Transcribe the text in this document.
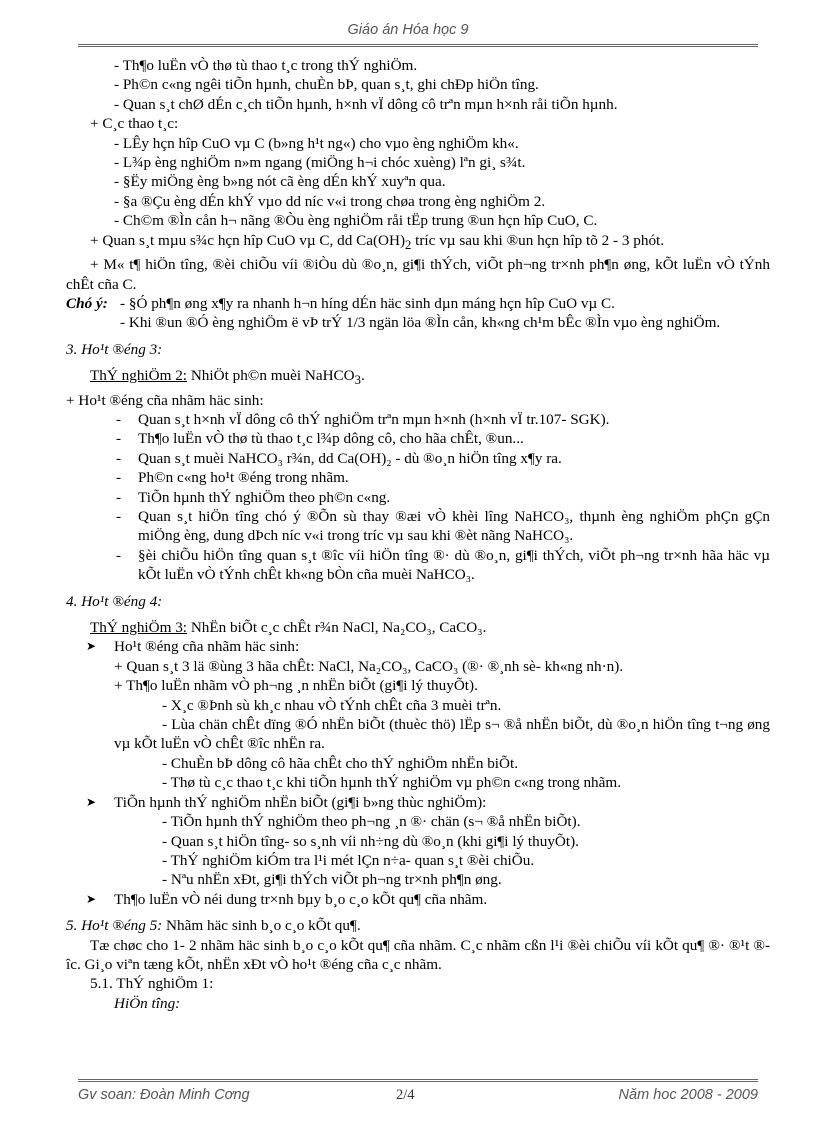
Giáo án Hóa học 9
- Th¶o luËn vÒ thø tù thao t¸c trong thÝ nghiÖm.
- Ph©n c«ng ngêi tiÕn hµnh, chuÈn bÞ, quan s¸t, ghi chÐp hiÖn tîng.
- Quan s¸t chØ dÉn c¸ch tiÕn hµnh, h×nh vÏ dông cô trªn mµn h×nh råi tiÕn hµnh.
+ C¸c thao t¸c:
- LÊy hçn hîp CuO vµ C (b»ng h¹t ng«) cho vµo èng nghiÖm kh«.
- L¾p èng nghiÖm n»m ngang (miÖng h¬i chóc xuèng) lªn gi¸ s¾t.
- §Ëy miÖng èng b»ng nót cã èng dÉn khÝ xuyªn qua.
- §a ®Çu èng dÉn khÝ vµo dd níc v«i trong chøa trong èng nghiÖm 2.
- Ch©m ®Ìn cån h¬ nãng ®Òu èng nghiÖm råi tËp trung ®un hçn hîp CuO, C.
+ Quan s¸t mµu s¾c hçn hîp CuO vµ C, dd $Ca(OH)_2$ tríc vµ sau khi ®un hçn hîp tõ 2 - 3 phót.
+ M« t¶ hiÖn tîng, ®èi chiÕu víi ®iÒu dù ®o¸n, gi¶i thÝch, viÕt ph¬ng tr×nh ph¶n øng, kÕt luËn vÒ tÝnh chÊt cña C.
Chó ý: - §Ó ph¶n øng x¶y ra nhanh h¬n híng dÉn häc sinh dµn máng hçn hîp CuO vµ C.
- Khi ®un ®Ó èng nghiÖm ë vÞ trÝ 1/3 ngän löa ®Ìn cån, kh«ng ch¹m bÊc ®Ìn vµo èng nghiÖm.
3. Ho¹t ®éng 3:
ThÝ nghiÖm 2: NhiÖt ph©n muèi NaHCO$_3$.
+ Ho¹t ®éng cña nhãm häc sinh:
-	Quan s¸t h×nh vÏ dông cô thÝ nghiÖm trªn mµn h×nh (h×nh vÏ tr.107- SGK).
-	Th¶o luËn vÒ thø tù thao t¸c l¾p dông cô, cho hãa chÊt, ®un...
-	Quan s¸t muèi NaHCO₃ r¾n, dd Ca(OH)₂ - dù ®o¸n hiÖn tîng x¶y ra.
-	Ph©n c«ng ho¹t ®éng trong nhãm.
-	TiÕn hµnh thÝ nghiÖm theo ph©n c«ng.
-	Quan s¸t hiÖn tîng chó ý ®Õn sù thay ®æi vÒ khèi lîng NaHCO₃, thµnh èng nghiÖm phÇn gÇn miÖng èng, dung dÞch níc v«i trong tríc vµ sau khi ®èt nãng NaHCO₃.
-	§èi chiÕu hiÖn tîng quan s¸t ®îc víi hiÖn tîng ®· dù ®o¸n, gi¶i thÝch, viÕt ph¬ng tr×nh hãa häc vµ kÕt luËn vÒ tÝnh chÊt kh«ng bÒn cña muèi NaHCO₃.
4. Ho¹t ®éng 4:
ThÝ nghiÖm 3: NhËn biÕt c¸c chÊt r¾n NaCl, Na₂CO₃, CaCO₃.
➤	Ho¹t ®éng cña nhãm häc sinh:
+ Quan s¸t 3 lä ®ùng 3 hãa chÊt: NaCl, Na₂CO₃, CaCO₃ (®· ®¸nh sè- kh«ng nh·n).
+ Th¶o luËn nhãm vÒ ph¬ng ¸n nhËn biÕt (gi¶i lý thuyÕt).
- X¸c ®Þnh sù kh¸c nhau vÒ tÝnh chÊt cña 3 muèi trªn.
- Lùa chän chÊt dïng ®Ó nhËn biÕt (thuèc thö) lËp s¬ ®å nhËn biÕt, dù ®o¸n hiÖn tîng t¬ng øng vµ kÕt luËn vÒ chÊt ®îc nhËn ra.
- ChuÈn bÞ dông cô hãa chÊt cho thÝ nghiÖm nhËn biÕt.
- Thø tù c¸c thao t¸c khi tiÕn hµnh thÝ nghiÖm vµ ph©n c«ng trong nhãm.
➤	TiÕn hµnh thÝ nghiÖm nhËn biÕt (gi¶i b»ng thùc nghiÖm):
- TiÕn hµnh thÝ nghiÖm theo ph¬ng ¸n ®· chän (s¬ ®å nhËn biÕt).
- Quan s¸t hiÖn tîng- so s¸nh víi nh÷ng dù ®o¸n (khi gi¶i lý thuyÕt).
- ThÝ nghiÖm kiÓm tra l¹i mét lÇn n÷a- quan s¸t ®èi chiÕu.
- Nªu nhËn xÐt, gi¶i thÝch viÕt ph¬ng tr×nh ph¶n øng.
➤	Th¶o luËn vÒ néi dung tr×nh bµy b¸o c¸o kÕt qu¶ cña nhãm.
5. Ho¹t ®éng 5: Nhãm häc sinh b¸o c¸o kÕt qu¶.
Tæ chøc cho 1- 2 nhãm häc sinh b¸o c¸o kÕt qu¶ cña nhãm. C¸c nhãm cßn l¹i ®èi chiÕu víi kÕt qu¶ ®· ®¹t ®îc. Gi¸o viªn tæng kÕt, nhËn xÐt vÒ ho¹t ®éng cña c¸c nhãm.
5.1. ThÝ nghiÖm 1:
HiÖn tîng:
Gv soan: Đoàn Minh Cơng	2/4	Năm hoc 2008 - 2009
